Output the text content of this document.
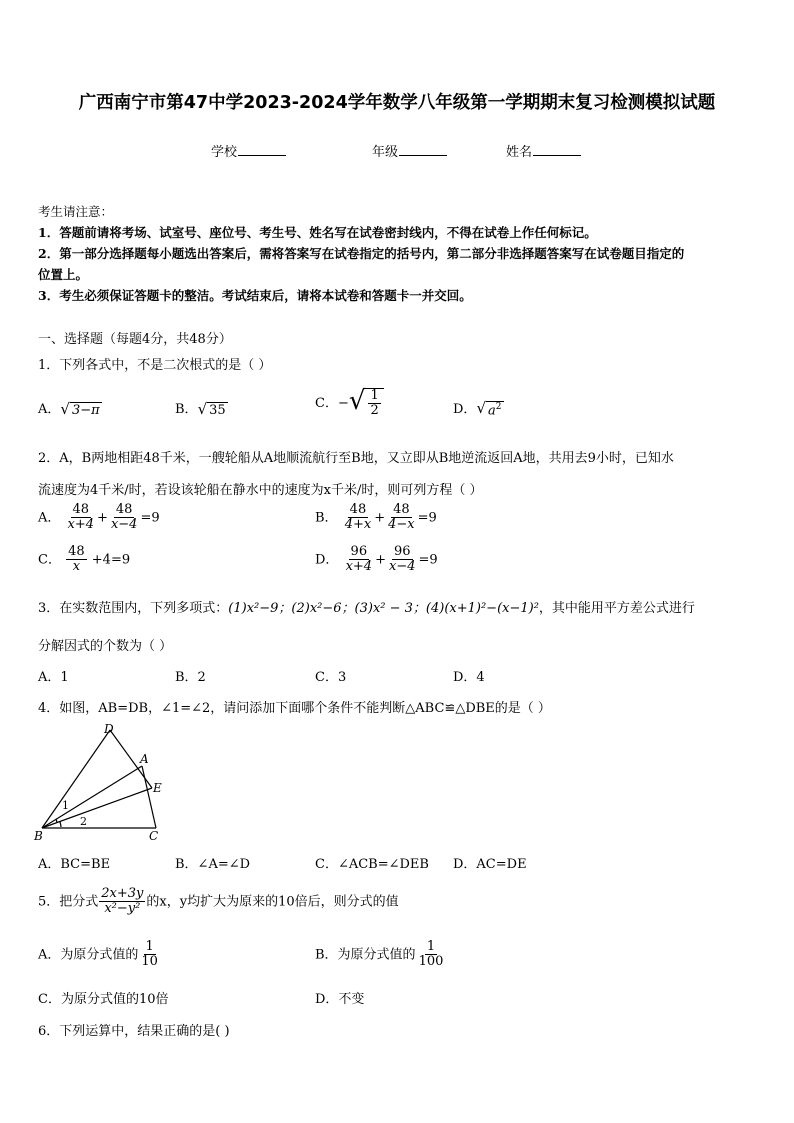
广西南宁市第47中学2023-2024学年数学八年级第一学期期末复习检测模拟试题
学校	年级	姓名
考生请注意：
1．答题前请将考场、试室号、座位号、考生号、姓名写在试卷密封线内，不得在试卷上作任何标记。
2．第一部分选择题每小题选出答案后，需将答案写在试卷指定的括号内，第二部分非选择题答案写在试卷题目指定的
位置上。
3．考生必须保证答题卡的整洁。考试结束后，请将本试卷和答题卡一并交回。
一、选择题（每题4分，共48分）
1．下列各式中，不是二次根式的是（ ）
A． √ 3−π	B． √ 35	C．− √ $\frac{1}{2}$	D． √ $a^2$
2．A，B两地相距48千米，一艘轮船从A地顺流航行至B地，又立即从B地逆流返回A地，共用去9小时，已知水
流速度为4千米/时，若设该轮船在静水中的速度为x千米/时，则可列方程（ ）
A． $\frac{48}{x+4} + \frac{48}{x-4} =9$	B． $\frac{48}{4+x} + \frac{48}{4-x} =9$
C． $\frac{48}{x} +4=9$	D． $\frac{96}{x+4} + \frac{96}{x-4} =9$
3．在实数范围内，下列多项式：(1)x²−9；(2)x²−6；(3)x² − 3；(4)(x+1)²−(x−1)²，其中能用平方差公式进行
分解因式的个数为（ ）
A．1	B．2	C．3	D．4
4．如图，AB=DB，∠1=∠2，请问添加下面哪个条件不能判断△ABC≌△DBE的是（ ）
D
A
E
B	C
1
2
A．BC=BE	B．∠A=∠D	C．∠ACB=∠DEB D．AC=DE
5．把分式 $\frac{2x+3y}{\text{x²−y²}}$ 的x，y均扩大为原来的10倍后，则分式的值
A．为原分式值的 $\frac{1}{10}$	B．为原分式值的 $\frac{1}{100}$
C．为原分式值的10倍	D．不变
6．下列运算中，结果正确的是( )
